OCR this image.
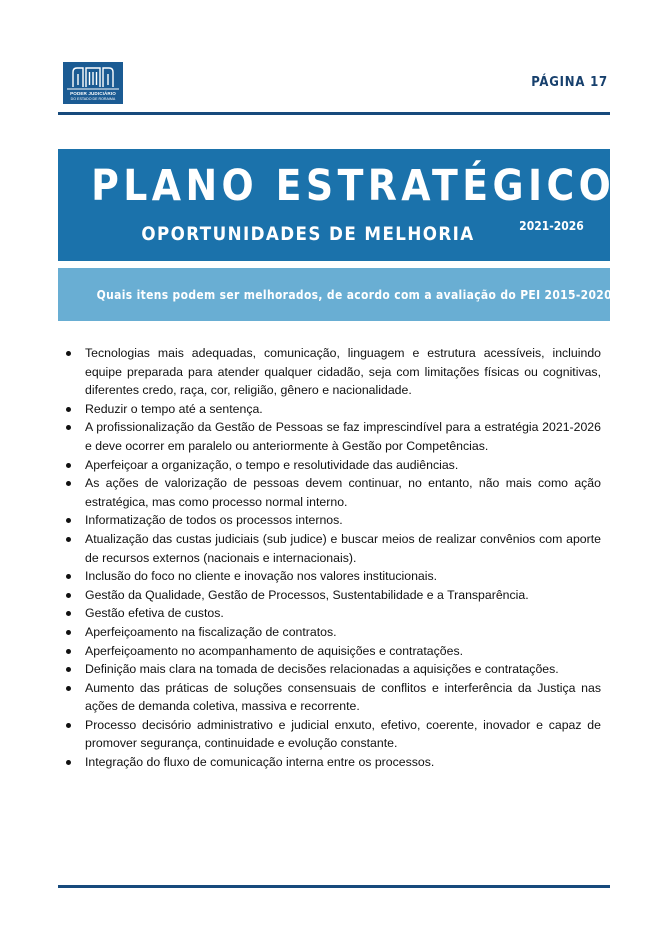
PODER JUDICIÁRIO
DO ESTADO DE RORAIMA
PÁGINA 17
PLANO ESTRATÉGICO
OPORTUNIDADES DE MELHORIA	2021-2026
Quais itens podem ser melhorados, de acordo com a avaliação do PEI 2015-2020?
Tecnologias mais adequadas, comunicação, linguagem e estrutura acessíveis, incluindo equipe preparada para atender qualquer cidadão, seja com limitações físicas ou cognitivas, diferentes credo, raça, cor, religião, gênero e nacionalidade.
Reduzir o tempo até a sentença.
A profissionalização da Gestão de Pessoas se faz imprescindível para a estratégia 2021-2026 e deve ocorrer em paralelo ou anteriormente à Gestão por Competências.
Aperfeiçoar a organização, o tempo e resolutividade das audiências.
As ações de valorização de pessoas devem continuar, no entanto, não mais como ação estratégica, mas como processo normal interno.
Informatização de todos os processos internos.
Atualização das custas judiciais (sub judice) e buscar meios de realizar convênios com aporte de recursos externos (nacionais e internacionais).
Inclusão do foco no cliente e inovação nos valores institucionais.
Gestão da Qualidade, Gestão de Processos, Sustentabilidade e a Transparência.
Gestão efetiva de custos.
Aperfeiçoamento na fiscalização de contratos.
Aperfeiçoamento no acompanhamento de aquisições e contratações.
Definição mais clara na tomada de decisões relacionadas a aquisições e contratações.
Aumento das práticas de soluções consensuais de conflitos e interferência da Justiça nas ações de demanda coletiva, massiva e recorrente.
Processo decisório administrativo e judicial enxuto, efetivo, coerente, inovador e capaz de promover segurança, continuidade e evolução constante.
Integração do fluxo de comunicação interna entre os processos.
